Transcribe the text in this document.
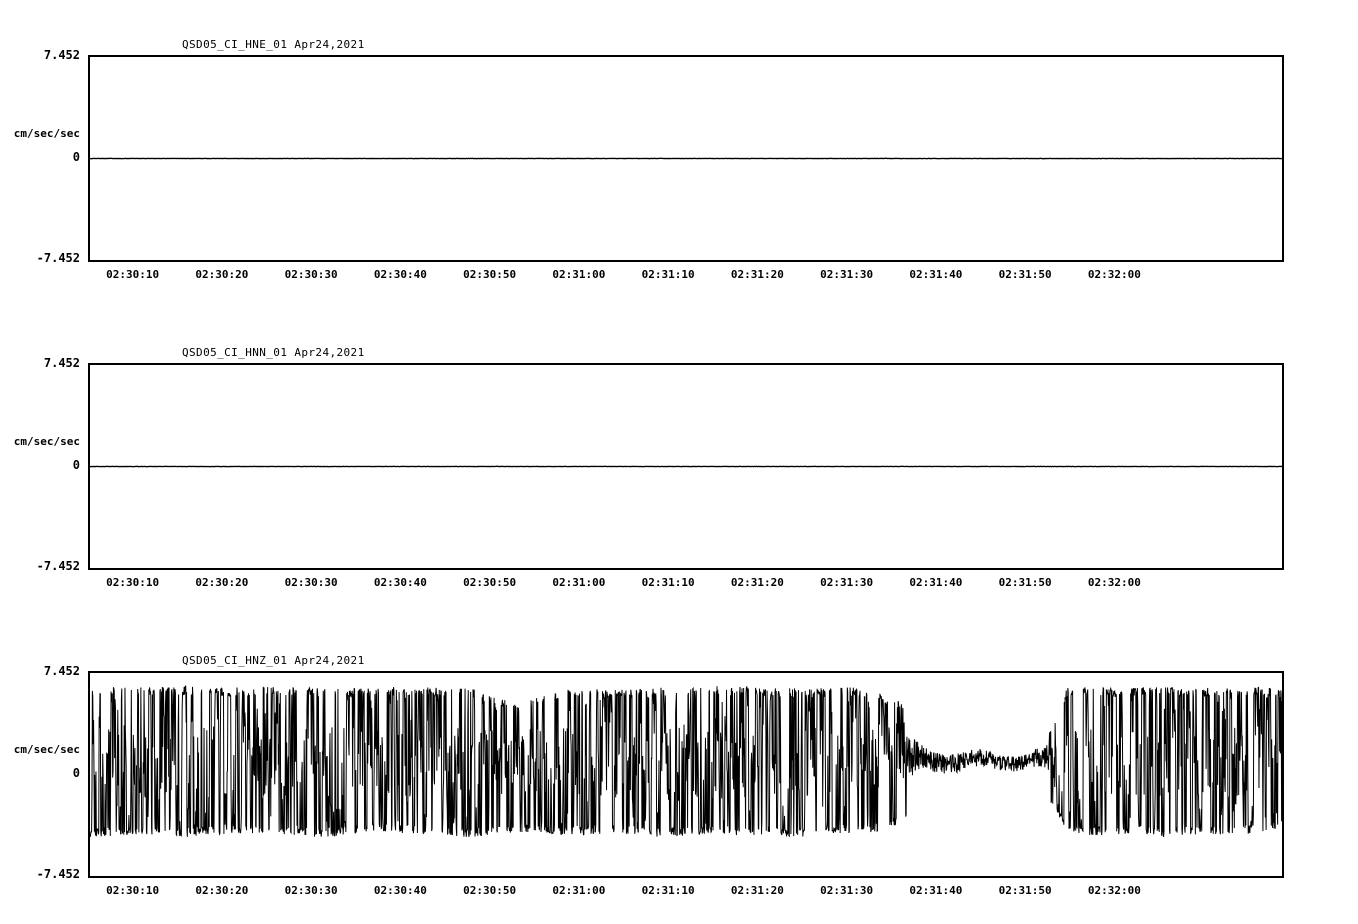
QSD05_CI_HNE_01 Apr24,2021
cm/sec/sec
7.452
0
-7.452
02:30:10	02:30:20	02:30:30	02:30:40	02:30:50	02:31:00	02:31:10	02:31:20	02:31:30	02:31:40	02:31:50	02:32:00
QSD05_CI_HNN_01 Apr24,2021
cm/sec/sec
7.452
0
-7.452
02:30:10	02:30:20	02:30:30	02:30:40	02:30:50	02:31:00	02:31:10	02:31:20	02:31:30	02:31:40	02:31:50	02:32:00
QSD05_CI_HNZ_01 Apr24,2021
cm/sec/sec
7.452
0
-7.452
02:30:10	02:30:20	02:30:30	02:30:40	02:30:50	02:31:00	02:31:10	02:31:20	02:31:30	02:31:40	02:31:50	02:32:00
